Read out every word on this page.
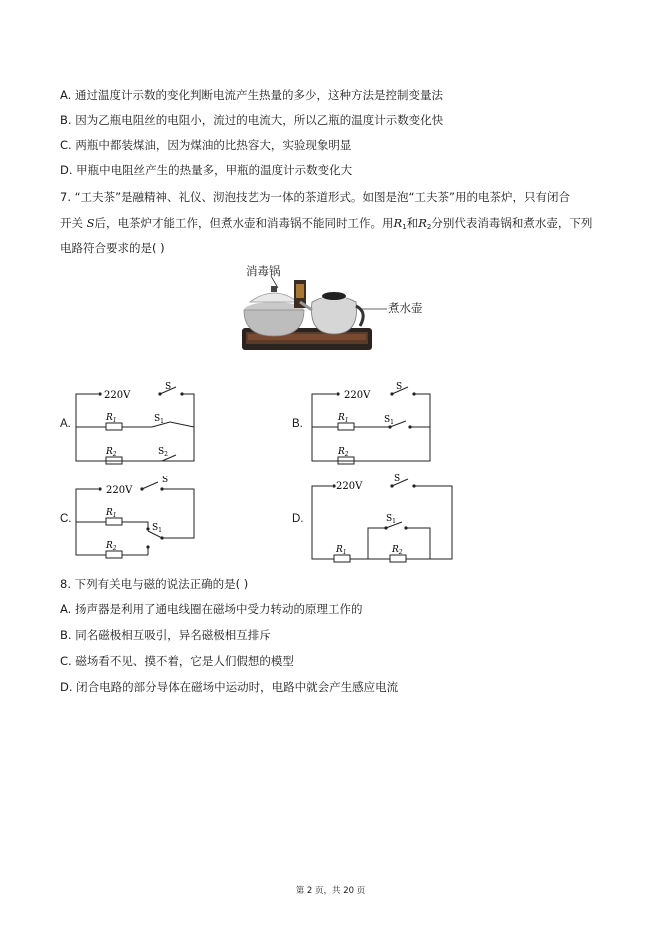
A. 通过温度计示数的变化判断电流产生热量的多少，这种方法是控制变量法
B. 因为乙瓶电阻丝的电阻小，流过的电流大，所以乙瓶的温度计示数变化快
C. 两瓶中都装煤油，因为煤油的比热容大，实验现象明显
D. 甲瓶中电阻丝产生的热量多，甲瓶的温度计示数变化大
7. “工夫茶”是融精神、礼仪、沏泡技艺为一体的茶道形式。如图是泡“工夫茶”用的电茶炉，只有闭合
开关 S后，电茶炉才能工作，但煮水壶和消毒锅不能同时工作。用$R_1$和$R_2$分别代表消毒锅和煮水壶，下列
电路符合要求的是( )
消毒锅
煮水壶
A.	B.
C.	D.
220V
S
$R_1$
$R_2$
$S_1$
$S_2$
220V
S
$R_1$
$R_2$
$S_1$
220V
S
$R_1$
$R_2$
$S_1$
220V
S
$S_1$
$R_1$	$R_2$
8. 下列有关电与磁的说法正确的是( )
A. 扬声器是利用了通电线圈在磁场中受力转动的原理工作的
B. 同名磁极相互吸引，异名磁极相互排斥
C. 磁场看不见、摸不着，它是人们假想的模型
D. 闭合电路的部分导体在磁场中运动时，电路中就会产生感应电流
第 2 页，共 20 页
